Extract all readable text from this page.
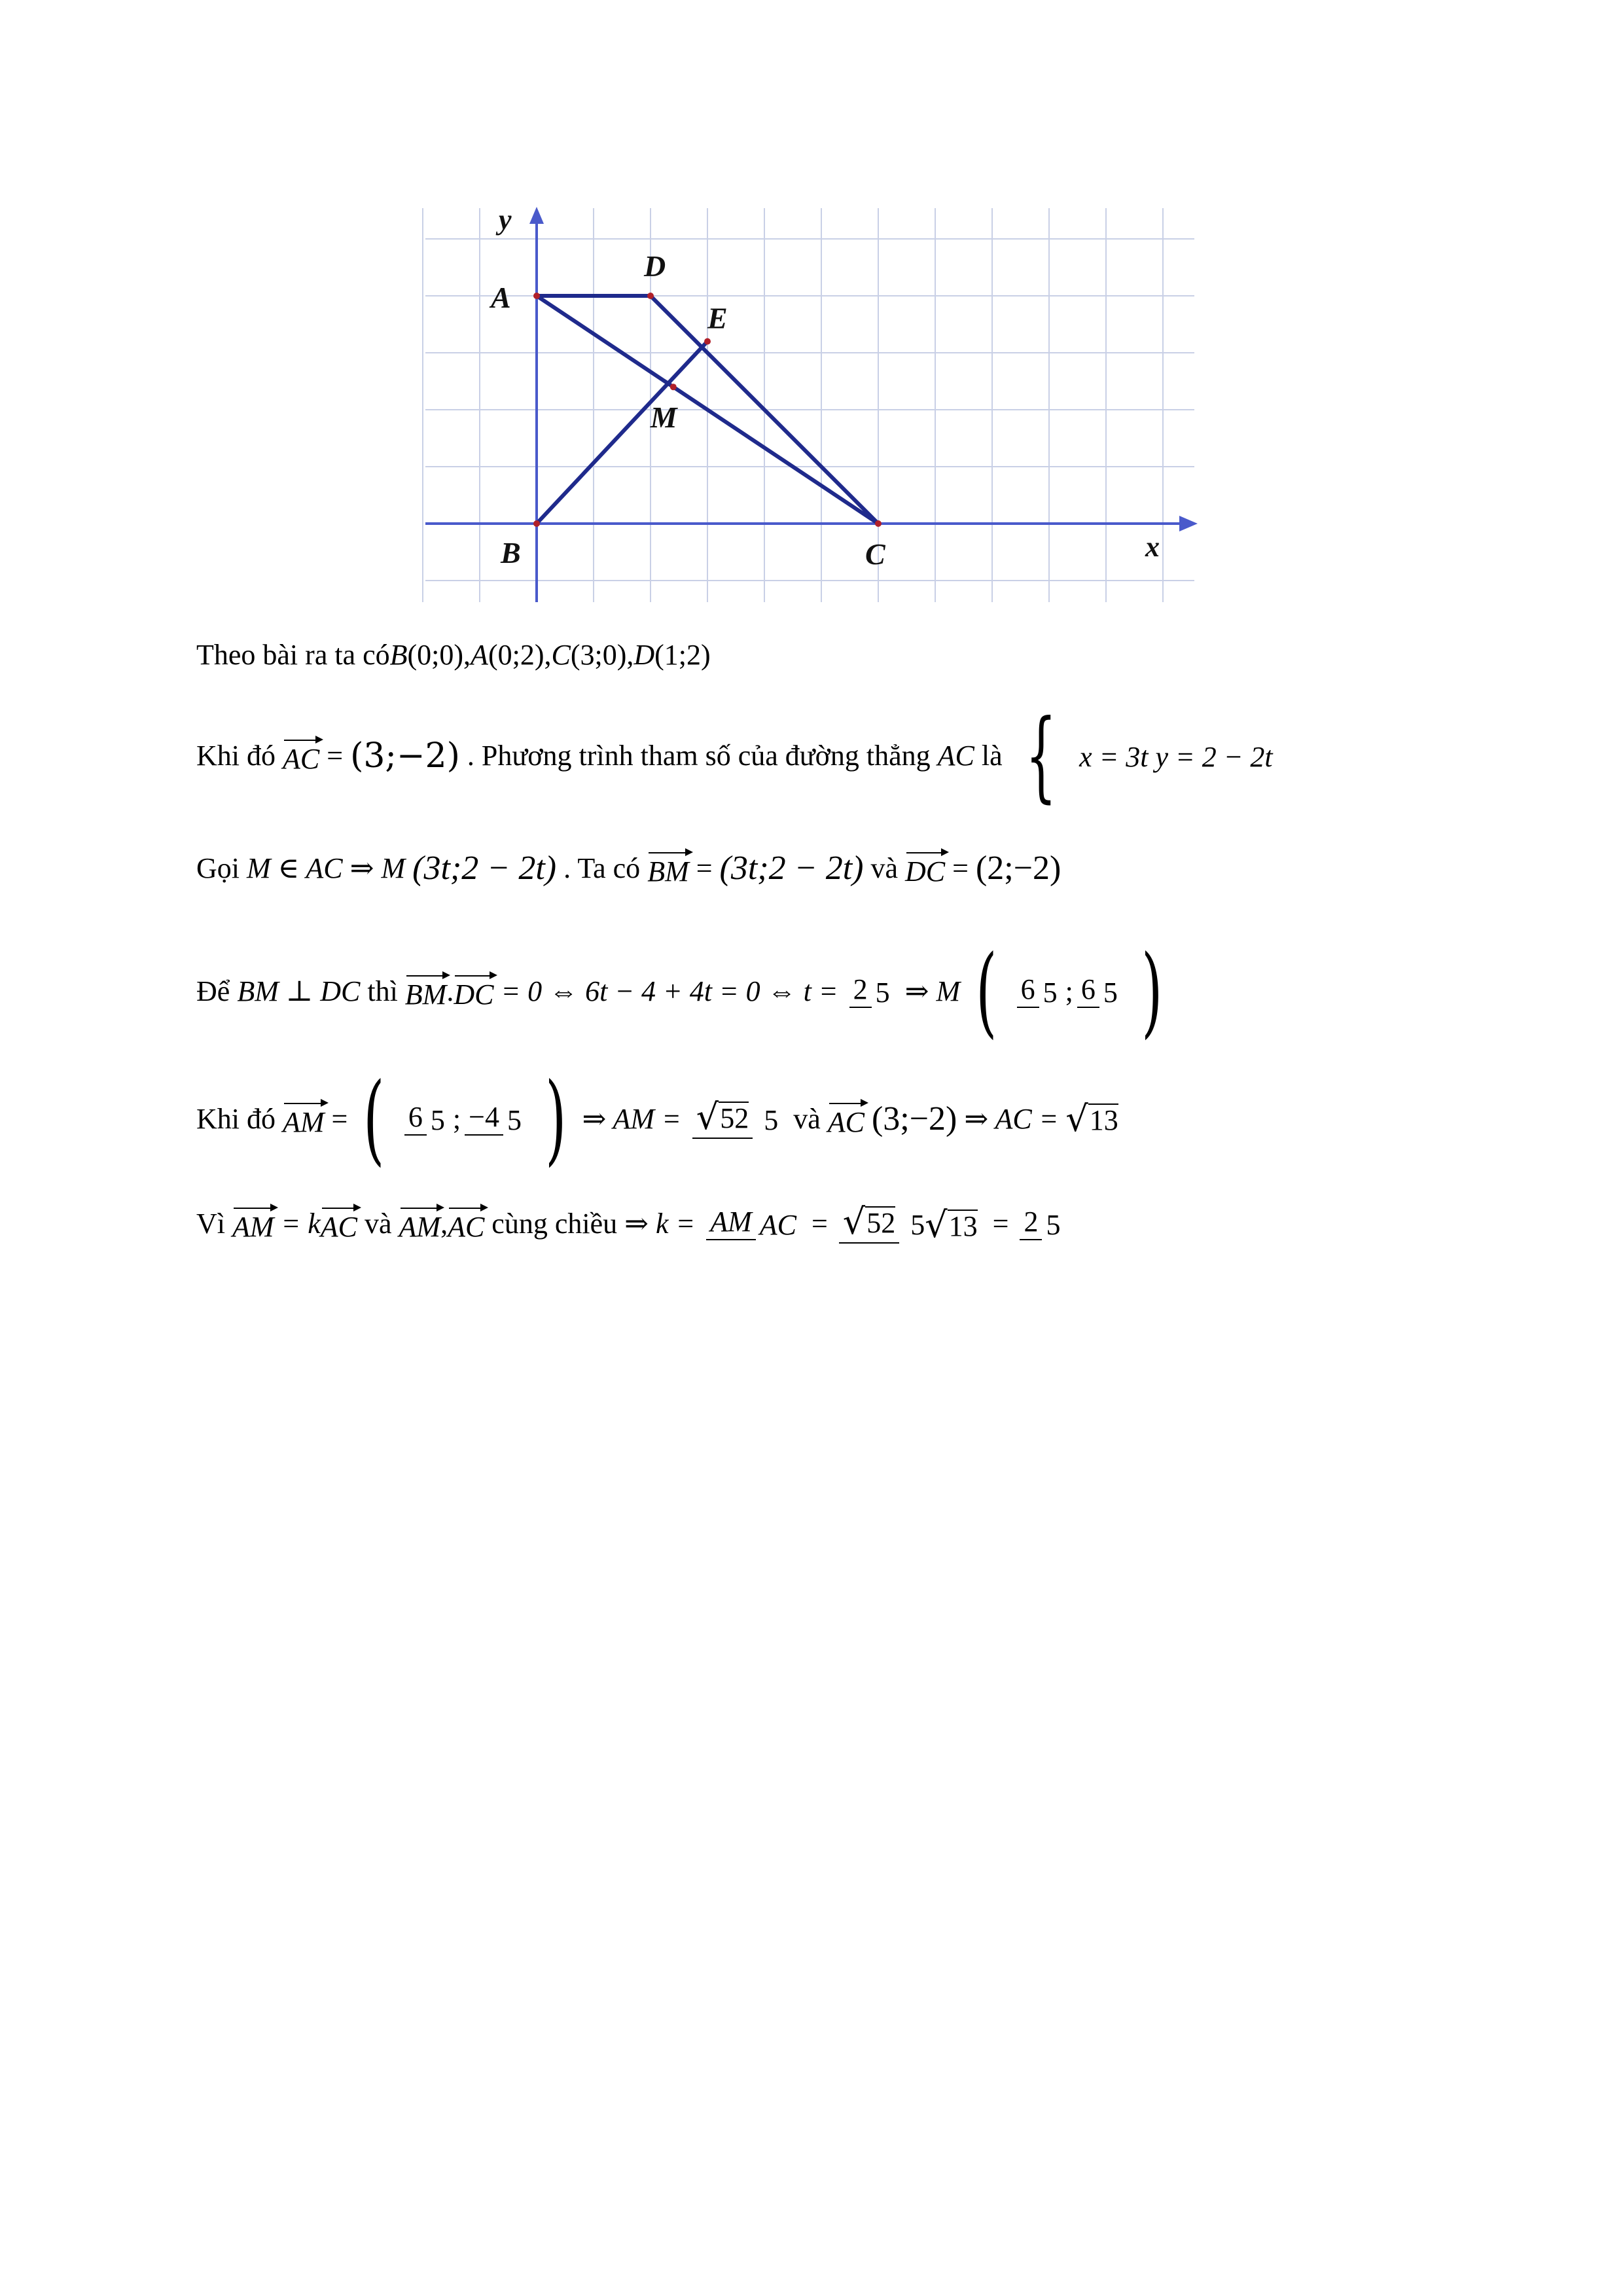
y
x
A
D
E
M
B	C
Theo bài ra ta cóB(0;0),A(0;2),C(3;0),D(1;2)
Khi đó AC = (3;−2) . Phương trình tham số của đường thẳng AC là { x = 3t y = 2 − 2t
Gọi M ∈ AC ⇒ M (3t;2 − 2t) . Ta có BM = (3t;2 − 2t) và DC = (2;−2)
Để BM ⊥ DC thì BM.DC = 0 ⇔ 6t − 4 + 4t = 0 ⇔ t = 2 5 ⇒ M ( 6 5 ; 6 5 )
Khi đó AM = ( 6 5 ; −4 5 ) ⇒ AM = √52 5 và AC (3;−2) ⇒ AC = √13
Vì AM = kAC và AM,AC cùng chiều ⇒ k = AM AC = √52 5√13 = 2 5
